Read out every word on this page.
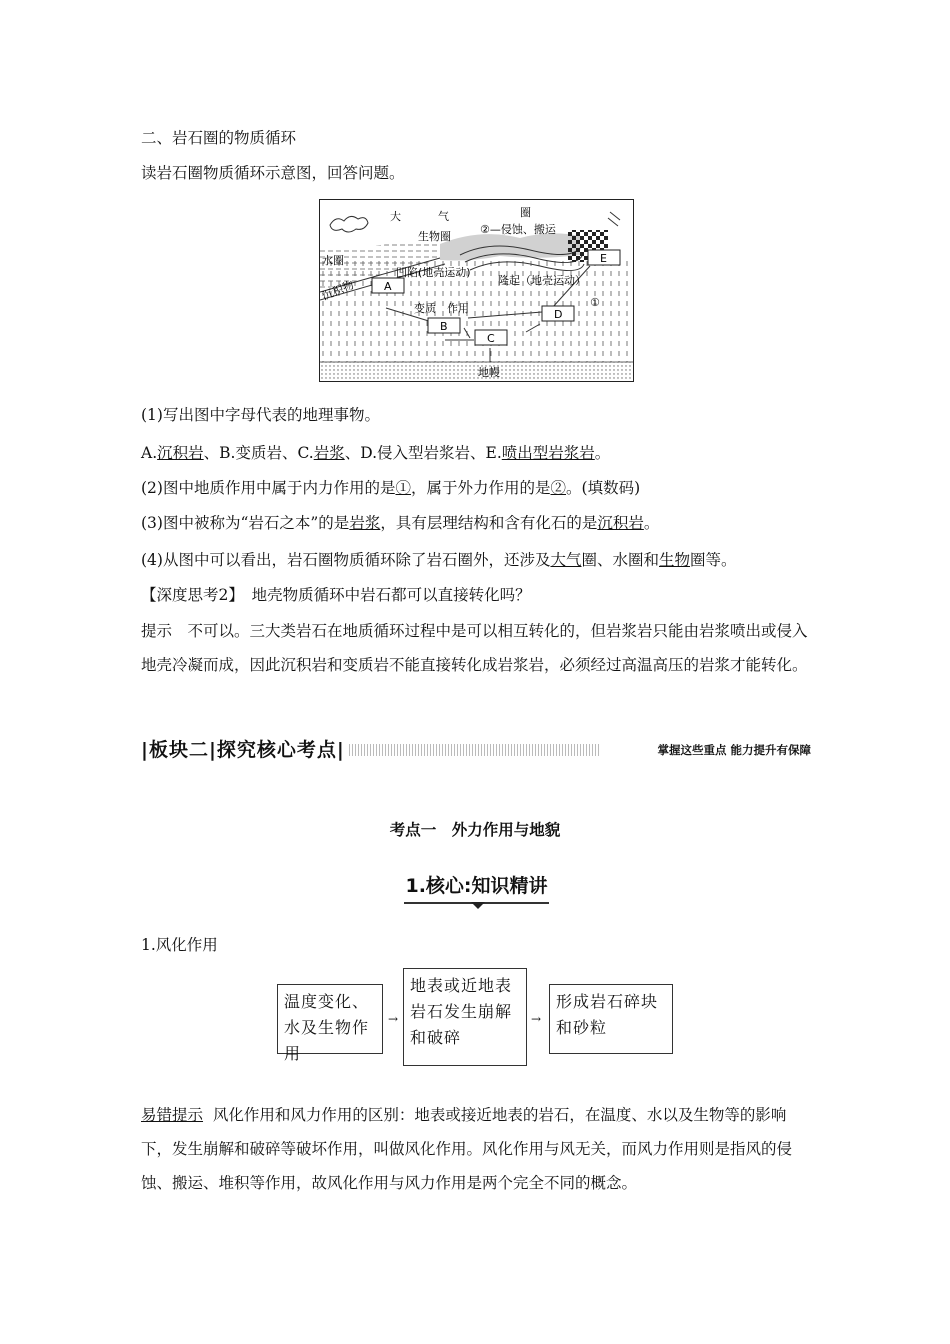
二、岩石圈的物质循环
读岩石圈物质循环示意图，回答问题。
A
B
C
D
E
大	气	圈
生物圈
②—侵蚀、搬运
水圈
沉积物
凹陷(地壳运动)
隆起（地壳运动）
变质　作用	①
地幔
(1)写出图中字母代表的地理事物。
A.沉积岩、B.变质岩、C.岩浆、D.侵入型岩浆岩、E.喷出型岩浆岩。
(2)图中地质作用中属于内力作用的是①，属于外力作用的是②。(填数码)
(3)图中被称为“岩石之本”的是岩浆，具有层理结构和含有化石的是沉积岩。
(4)从图中可以看出，岩石圈物质循环除了岩石圈外，还涉及大气圈、水圈和生物圈等。
【深度思考2】　地壳物质循环中岩石都可以直接转化吗？
提示　不可以。三大类岩石在地质循环过程中是可以相互转化的，但岩浆岩只能由岩浆喷出或侵入地壳冷凝而成，因此沉积岩和变质岩不能直接转化成岩浆岩，必须经过高温高压的岩浆才能转化。
|板块二|探究核心考点|	掌握这些重点 能力提升有保障
考点一　外力作用与地貌
1.核心:知识精讲
1.风化作用
温度变化、水及生物作用
→
地表或近地表岩石发生崩解和破碎
→
形成岩石碎块和砂粒
易错提示 风化作用和风力作用的区别：地表或接近地表的岩石，在温度、水以及生物等的影响下，发生崩解和破碎等破坏作用，叫做风化作用。风化作用与风无关，而风力作用则是指风的侵蚀、搬运、堆积等作用，故风化作用与风力作用是两个完全不同的概念。
